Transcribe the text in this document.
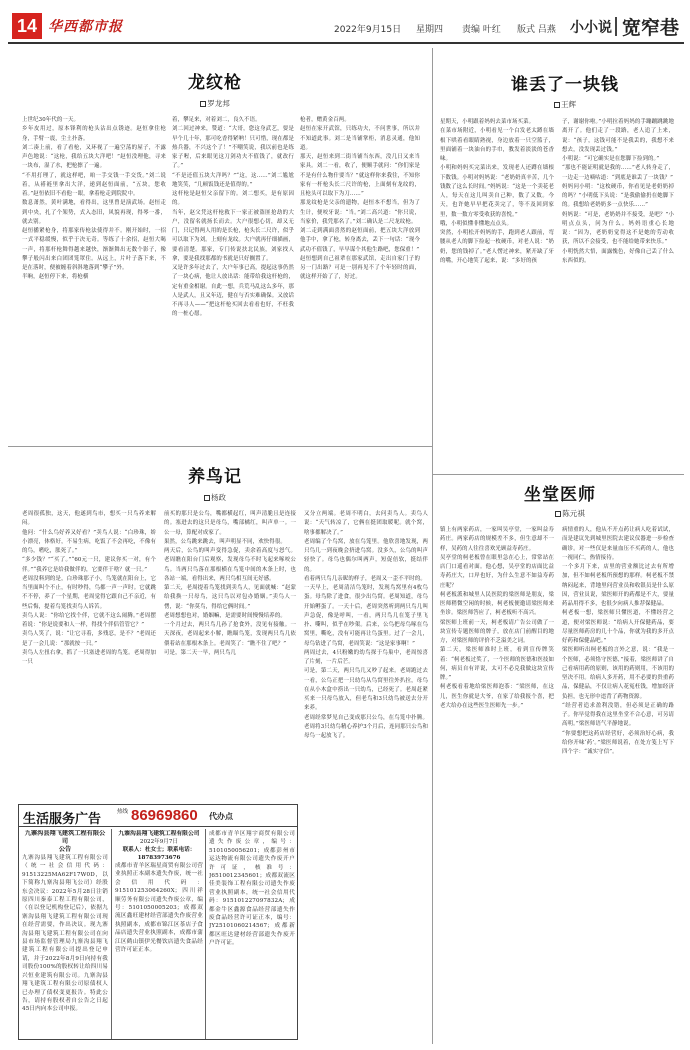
14 华西都市报	2022年9月15日 星期四 责编 叶红 版式 吕燕 小小说 宽窄巷
龙纹枪
罗龙邦
上世纪30年代的一天。
乡年皮用过，原本锋利的枪头沾出点锈迹。赵恒拿住枪身，手臂一震，尘土扑落。
刘二凑上前，看了看枪，又环视了一遍空荡的屋子，不露声色地说：“这枪，我给五块大洋吧！”赵恒没理他，寻来一块布，湿了水，把枪擦了一遍。
“不用打理了，就这样吧，咱一手交钱一手交货。”刘二说着，从褡裢里拿出大洋，递到赵恒面前，“五块，您收着。”赵恒依旧不看他一眼，拿着枪走到院院中。
数息萧然，黄叶满地，看得出，这里曾是演武场。赵恒走到中央，扎了个架势，式入态旧，风貌再现，得琴一番，就去别。
赵恒播紧枪身，将那家传枪法使得并不。刚开始时，一招一式平稳缓慢，似乎于决无奇。等练了十余招，赵恒大喝一声，将那杆枪舞得越来越快，渐渐舞出无数个影子，像攀子般闪出来白团团笼罩住。从远上，片叶子落下来，不是在落时，便被缠着斜斜地落到“攀子”外。
半晌，赵恒停下来，将枪横
着，攀足来，对着刘二，良久不语。
刘二回过神来，赞道：“大哥，您这身武艺，要是早个几十年，那可吃香得紧呐！只可惜，现在都是热兵器，不兴这个了！”不嘲笑说，我以前也是练家子喔，后来眼见这刀剑功夫不值钱了，就改行了。”
“不是还值五块大洋吗？”“这，这……”刘二尴尬地笑笑，“几顿饭钱还是值得的。”
这杆枪是赵恒父亲留下的。刘二想买，是有原因的。
当年，赵父凭这杆枪救下一家正被盗匪抢劫的大户，没留名就扬长而去。大户很想心切，却又无门，只记得两人用的是长枪，枪头长二尺许，似乎可以取下为刘。上刻有龙纹。大户就再仔细描画，要看清楚。那家，专门传说扶北民族，刘家找人拿，要是我找那都的书就是只好搁置了。
又是许多年过去了，大户年事已高，提起这事仍然了一块心病，他让人放出话：能带给我这杆枪的，定有重金相谢。自此一想，兵荒马乱这么多年，那人是武人，且又年迈，健在与否实难确保。又放话不再寻人——“把这杆枪买回去看看也好，不枉我的一桩心愿。
枪者，赠黄金百两。
赵恒在家开武馆，只练功夫，不问世事，所以并不知道此事。刘二是当铺掌柜，消息灵通，他知道。
那天，赵恒来到二街当铺当东西，没几日又来当家具。刘二一看，收了，便顺手就问：“你们家是不是有什么物什要当？”就这样你来我往，不知你家有一杆枪头长二尺许的枪，上面刻有龙纹的，且枪头可以取下为刀……”
那龙纹枪是父亲的遗物，赵恒本不想当，但为了生计，便咬牙说：“当。”刘二高兴道：“你只说，当家价，我凭那名了。”刘二确认是二尺龙纹枪。
刘二走到满面喜然的赵恒面前，把五块大洋放到他手中，拿了枪，转身离去，丢下一句话：“现今武功不值钱了，早早谋个其他生路吧，您保重！”
赵恒想到自己祖辈在那家武馆，走出自家门子的另一门出路？可是一别再见不了个年轻时的面，就这样开始了了，好过。
谁丢了一块钱
王辉
星期天，小明跟着妈妈去菜市场买菜。
在菜市场附近，小明看见一个白发老太蹲在墙根下哄着看眼睛熟视，身边放着一只空篮子，里面铺着一块油台的手巾，教发着淡淡的苍香味。
小明和妈妈买完菜出来，发现老人还蹲在墙根下数钱。小明对妈妈说：“老奶奶真辛苦，几个钱数了这么长时间。”妈妈说：“这是一个卖花老人，每天在这儿叫卖自己种，数了又数。今天，也许她早早把花卖完了，等不及回到家里，数一数方零受收获的喜悦。”
哦，小明似懂非懂地点点头。
突然，小明松开妈妈的手，跑到老人跟前，弯腰从老人的脚下捡起一枚硬币，对老人说：“奶奶，您的钱掉了。”老人愣过神来，紧开缺了牙的嘴，开心地笑了起来，说：“多好的孩
子，谢谢你啦。”小明拉着妈妈的手蹦蹦跳跳地离开了。他们走了一段路，老人追了上来，说：“孩子，这钱可能不是我丢的，我想不来想去，没发现丢过钱。”
小明说：“可它确实是在您脚下捡到的。”
“那也不能证明就是我的……”老人转身走了，一边走一边嘀咕道：“到底是谁丢了一块钱？”
妈妈问小明：“这枚硬币，你看见是老奶奶掉的吗？”小明低下头说：“是我偷偷扔在她脚下的。我想给老奶奶多一点快乐……”
妈妈说：“可是，老奶奶并不接受，是吧？”小明点点头，问为什么。妈妈语重心长地说：“因为，老奶奶觉得这不是她的劳动收获，所以不会接受，也不能给她带来快乐。”
小明恍然大悟，面露愧色，好像自己丢了什么东西似的。
养鸟记
杨政
老周很孤独，这天，他遂到鸟市，想买一只鸟养来解闷。
他问：“什么鸟好养又好看？”卖鸟人说：“白珍珠，娇小漂亮，体格好，不易生病，吃饭了不会再吃，不像有的鸟，嗜吃，胀死了。”
“多少钱？”“买了。”“60元一只，建议你买一对，有个伴。”“我养它是给我做伴的，它要伴干啥？就一只。”
老周没料到的是，白珍珠那子小，鸟笼就在阳台上，它当里面叫个不止，有时吵得，鸟都一声一声时。它就跳不不停，养了一个星期，老周觉得它跟自己不亲近，有些后悔，提着鸟笼找卖鸟人诉苦。
卖鸟人说：“你给它找个伴，它就不这么闹腾。”老周摆着说：“你是说要和人一样，得找个伴侣管管它？”
卖鸟人笑了，说：“让它寻着，多残忍，是不？”老周还是了一会儿说：“那就按一只。”
卖鸟人左扭右拿，抓了一只塞进老周的鸟笼。老周得加一只
前买的那只是公鸟，嘴都横起红，叫声清脆且是连接的。塞进去的这只是母鸟，嘴部橘红，叫声单一。一公一母，算配对成家了。
果然，公鸟跳来跳去，叫声明显不同，欢快得很。
两天后，公鸟的叫声变得急促，卖余着高度与怒气。老周瞧在阳台门后观察，发现母鸟不时飞起来啄咬公鸟。当两只鸟落在那根横在鸟笼中间的木条上时，也各站一端，看得出来，两只鸟相互间无好感。
第二天，老周提着鸟笼找到卖鸟人，见面就喊：“赵蒙给我换一只母鸟，这只鸟以对包办婚姻。”卖鸟人一愣，说：“你莫鸟，得给它俩时间。”
老周想想也对，婚姻嘛，是需要时间慢慢培养的。
一个月过去，两只鸟几孙了抢食外，没见有接触。一天深夜，老周起来小解，瞧瞄鸟笼，发现两只鸟几依偎着站在那根木条上。老周笑了：“瞧不住了吧？”
可是，第二天一早，两只鸟几
又分立两端。老周不明白，去问卖鸟人。卖鸟人说：“天气转凉了，它俩在挺团取暖呢。就个窝，啥事都解决了。”
老周编了个鸟窝，放在鸟笼里。他欣喜地发现，两只鸟几一到夜晚会挤进鸟窝。没多久，公鸟的叫声轻快了。母鸟也偶尔叫两声，短促倍软，挺结伴的。
看着两只鸟几亲昵的样子，老周又一歪不平时的。
一天早上，老周清洁鸟笼时，发现鸟窝里有4枚鸟蛋。母鸟除了进食，很少出鸟窝。老周知道，母鸟开始孵蛋了。一天十后，老周突然听到两只鸟几叫声急促，像是呼叫，一看，两只鸟几在笼子里飞扑、嘶叫，似乎在吵架。后来，公鸟把母鸟啄在鸟窝里，嘶吃，没有可能再让鸟蛋里。过了一会儿，母鸟钻进了鸟窝，老周笑说：“这是家事啊！”
两周过去，4只粉嫩的幼鸟探于鸟巢中，老周惊喜了片刻，一片后芒。
可是，第二天，两只鸟几又吵了起来。老周跑过去一看，公鸟正把一只幼鸟从鸟窝里往外扒拉，母鸟在从小木盒中捞出一只幼鸟，已经死了。老周赶紧买来一只母鸟放入，但老鸟和3只幼鸟被送去分开来养。
老周经常梦见自己变成那只公鸟，在鸟笼中扑腾。老周将3只幼鸟精心养护3个月后，连同那只公鸟和母鸟一起放飞了。
坐堂医师
陈元祺
镇上有两家药店，一家叫吴亭堂，一家叫益寿药庄。两家药店的规模差不多，但生意却不一样，吴药的人往往喜欢光顾益寿药庄。
吴亭堂的柯老板曾在眼里急在心上，常常站在店门口遥看对面。他心想，吴亭堂的店面比益寿药庄大，口岸也好，为什么生意不如益寿药庄呢？
柯老板派和城里人民医院的梁医师是朋友，梁医师稍微空闲的时候，柯老板便邀请梁医师来坐诊。梁医师答应了，柯老板听不高兴。
梁医师上班前一天，柯老板请广告公司做了一块宣传专题医师的牌子，放在店门前醒目的地方，对梁医师的评价不乏溢美之词。
第二天，梁医师准时上班，看到宣传牌笑着：“柯老板过奖了，一个医师的医德和医技如何，病员自有评说，太可不必兑我做这块宣传牌。”
柯老板看着地给梁医师泡茶：“梁医师，在这儿，医生你就是大爷，在家了给我报个喜，把老大给办在这些医生医师先一步。”
病情重的人，他从不开点药让病人吃着试试，而是建议先到城里医院去建议仪器进一步检查确诊。对一些仅是来量血压不买药的人，他也一视同仁，热情接待。
一个多月下来，店里的营业额比过去有所增加，但不如柯老板所预想的那样。柯老板不禁纳闷起来，背地里问营业员和收银员是什么原因，营业员说，梁医师开的药都是不大，要量药品用得不多，也很少向病人推荐保健品。
柯老板一想，梁医师只懂医道，不懂经营之道，便对梁医师说：“给病人开保健药品，要尽量医师药房的几十个品，你就为我的多开点好药和保健品吧。”
梁医师听出柯老板的言外之意，说：“我是一个医师，必须恪守医德，”接着，梁医师讲了自己看病用药的原则，该用的药则用，不该用的坚决不用。给病人多开药，用不必要的贵重药品，保健品，不仅让病人花冤枉钱，增加经济负担，也无形中违背了药物资源。
“经营者追求盈利没错，但必须是正确的路子。你早觉得我在这里坐堂不合心意，可另请高明。”梁医师语气平静地说。
“你要想把这药店经营好，必须治好心病，我给你开味‘药’。”梁医师说着，在处方笺上写下四个字：“诚实守信”。
生活服务广告	热线 86969860 代办点
九寨沟县翔飞建筑工程有限公司
公告
九寨沟县翔飞建筑工程有限公司（统一社会信用代码：91513225MA62F17W0D，以下简称九寨沟县翔飞公司）经股东会决议：2022年5月28日注销原四川秦泰工程工程有限公司，（在以登记机构登记后），依据九寨沟县翔飞建筑工程有限公司现在经营需要，作出决议。现九寨沟县翔飞建筑工程有限公司在向县市场监督管理局九寨沟县翔飞建筑工程有限公司提出登记申请，并于2022年8月9日向持有我司股份100%的股权转让给四川易兴恒业建筑有限公司。九寨沟县翔飞建筑工程有限公司原债权人已办理了债权变更报告。特此公告，请持有股权者自公告之日起45日内向本公司申报。
九寨沟县翔飞建筑工程有限公司
2022年9月7日
联系人：杜女士；联系电话：18783973676
成都市青羊区瑞星商贸有限公司营业执照正本副本遗失作废，统一社会信用代码：915101253064260X；四川祥顺劳务有限公司遗失作废公章，编号：5101050005203；成都双流区鑫旺建材经营部遗失作废营业执照副本，成都市锦江区茶店子食品店遗失营业执照副本，成都市蒲江区鹤山镇伊光餐饮店遗失食品经营许可证正本。
成都市青羊区翔宇商贸有限公司遗失作废公章，编号：5101050056201；成都彭州市运达物流有限公司遗失作废开户许可证，核准号：J6510012345601；成都双流区佳美装饰工程有限公司遗失作废营业执照副本，统一社会信用代码：915101227097832A；成都金牛区鑫源食品经营部遗失作废食品经营许可证正本，编号：JY25101060214567；成都新都区旺达建材经营部遗失作废开户许可证。
